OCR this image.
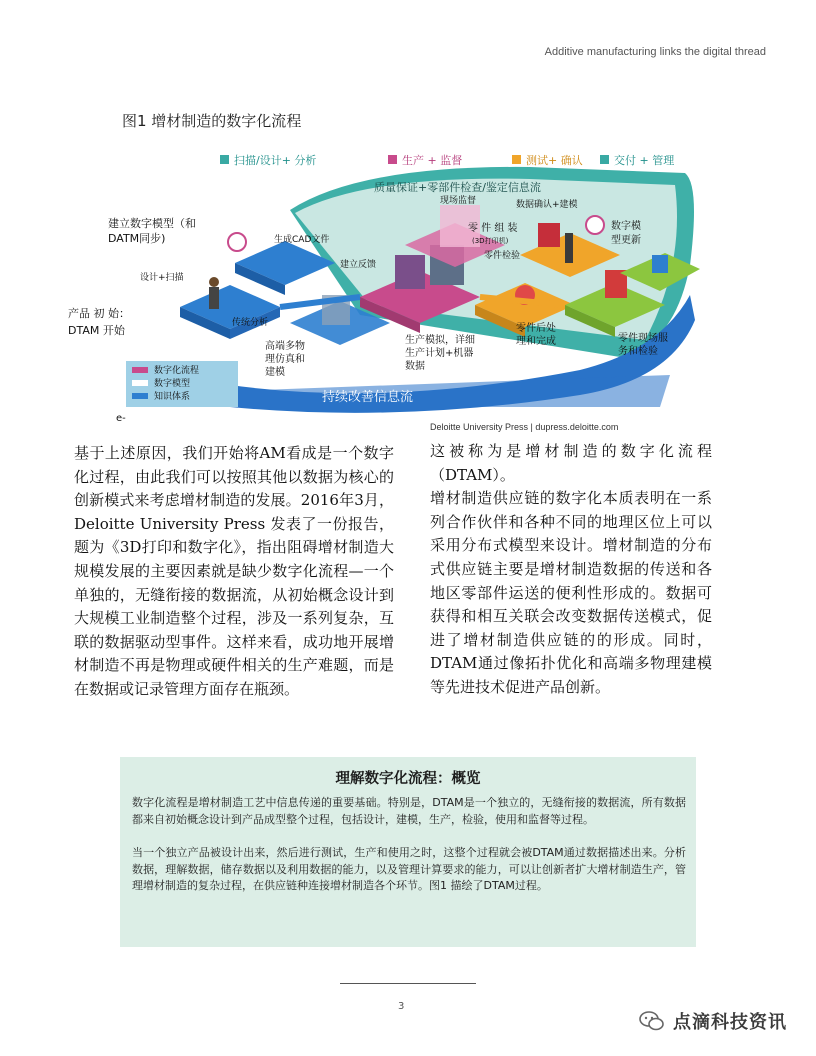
Additive manufacturing links the digital thread
图1 增材制造的数字化流程
扫描/设计+ 分析	生产 + 监督	测试+ 确认	交付 + 管理
质量保证+零部件检查/鉴定信息流
建立数字模型（和
DATM同步)
设计+扫描
产品 初 始：
DTAM 开始
生成CAD文件
传统分析
建立反馈
现场监督
零 件 组 装
(3D打印机)
零件检验
数据确认+建模
数字模
型更新
高端多物
理仿真和
建模
生产模拟，详细
生产计划+机器
数据
零件后处
理和完成	零件现场服
务和检验
持续改善信息流
数字化流程
数字模型
知识体系
e-
Deloitte University Press | dupress.deloitte.com

基于上述原因，我们开始将AM看成是一个数字化过程，由此我们可以按照其他以数据为核心的创新模式来考虑增材制造的发展。2016年3月，Deloitte University Press 发表了一份报告，题为《3D打印和数字化》，指出阻碍增材制造大规模发展的主要因素就是缺少数字化流程—一个单独的，无缝衔接的数据流，从初始概念设计到大规模工业制造整个过程，涉及一系列复杂，互联的数据驱动型事件。这样来看，成功地开展增材制造不再是物理或硬件相关的生产难题，而是在数据或记录管理方面存在瓶颈。

这被称为是增材制造的数字化流程（DTAM）。

增材制造供应链的数字化本质表明在一系列合作伙伴和各种不同的地理区位上可以采用分布式模型来设计。增材制造的分布式供应链主要是增材制造数据的传送和各地区零部件运送的便利性形成的。数据可获得和相互关联会改变数据传送模式，促进了增材制造供应链的的形成。同时，DTAM通过像拓扑优化和高端多物理建模等先进技术促进产品创新。

理解数字化流程：概览
数字化流程是增材制造工艺中信息传递的重要基础。特别是，DTAM是一个独立的，无缝衔接的数据流，所有数据都来自初始概念设计到产品成型整个过程，包括设计，建模，生产，检验，使用和监督等过程。
当一个独立产品被设计出来，然后进行测试，生产和使用之时，这整个过程就会被DTAM通过数据描述出来。分析数据，理解数据，储存数据以及利用数据的能力，以及管理计算要求的能力，可以让创新者扩大增材制造生产，管理增材制造的复杂过程，在供应链种连接增材制造各个环节。图1 描绘了DTAM过程。
3
点滴科技资讯
